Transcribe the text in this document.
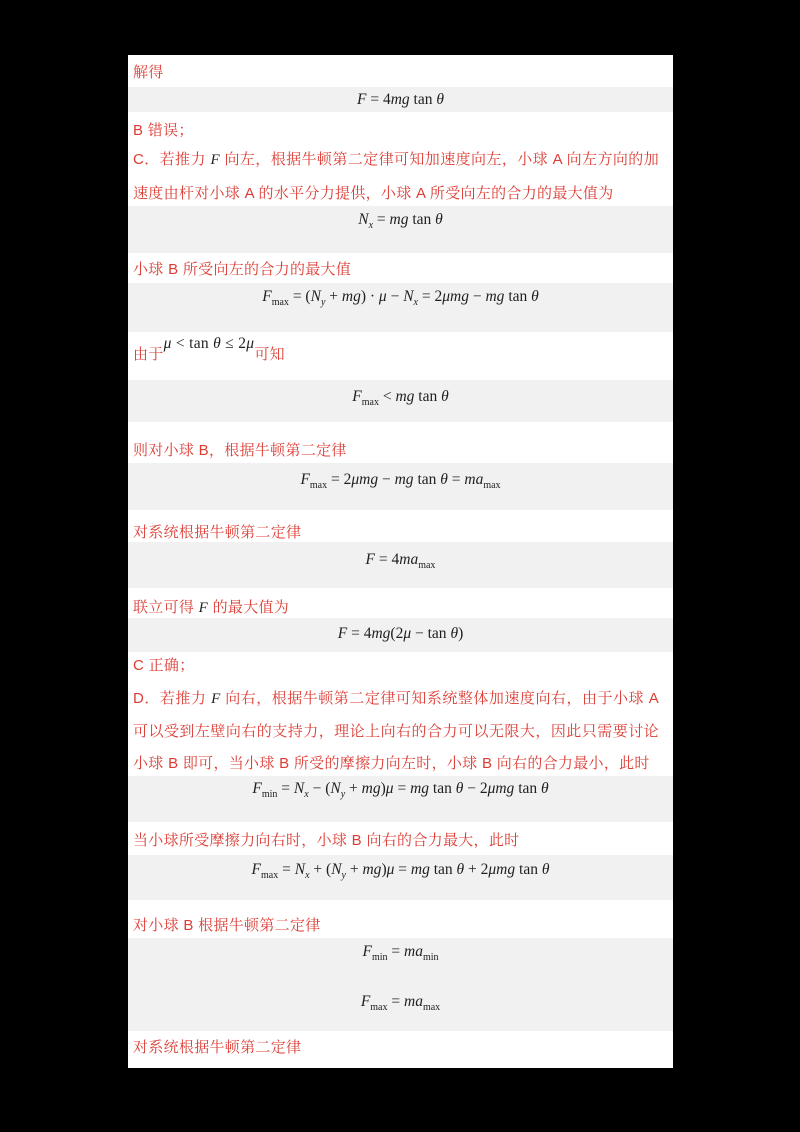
解得
F = 4mg tan θ
B 错误；
C．若推力 F 向左，根据牛顿第二定律可知加速度向左，小球 A 向左方向的加速度由杆对小球 A 的水平分力提供，小球 A 所受向左的合力的最大值为
$N_x$ = mg tan θ
小球 B 所受向左的合力的最大值
$F_{max} = (N_y + mg) \cdot \mu - N_x = 2\mu mg$ − mg tan θ
由于μ < tan θ ≤ 2μ可知
$F_{max}$ < mg tan θ
则对小球 B，根据牛顿第二定律
$F_{max} = 2\mu mg$ − mg $\tan \theta = ma_{max}$
对系统根据牛顿第二定律
$F = 4ma_{max}$
联立可得 F 的最大值为
F = 4mg(2μ − tan θ)
C 正确；
D．若推力 F 向右，根据牛顿第二定律可知系统整体加速度向右，由于小球 A 可以受到左壁向右的支持力，理论上向右的合力可以无限大，因此只需要讨论小球 B 即可，当小球 B 所受的摩擦力向左时，小球 B 向右的合力最小，此时
$F_{min} = N_x - (N_y + mg)\mu$ = mg tan θ − 2μmg tan θ
当小球所受摩擦力向右时，小球 B 向右的合力最大，此时
$F_{max} = N_x + (N_y + mg)\mu$ = mg tan θ + 2μmg tan θ
对小球 B 根据牛顿第二定律
$F_{min} = ma_{min}$
$F_{max} = ma_{max}$
对系统根据牛顿第二定律
